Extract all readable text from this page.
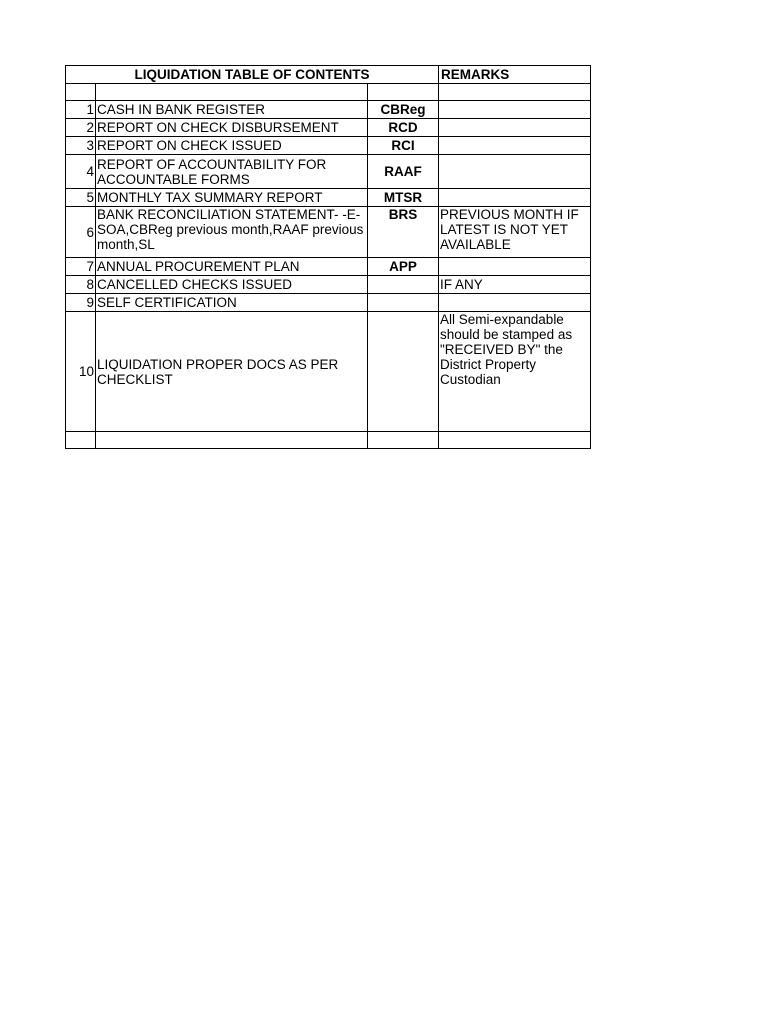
LIQUIDATION TABLE OF CONTENTS			REMARKS

1	CASH IN BANK REGISTER	CBReg	
2	REPORT ON CHECK DISBURSEMENT	RCD	
3	REPORT ON CHECK ISSUED	RCI	
4	REPORT OF ACCOUNTABILITY FOR ACCOUNTABLE FORMS	RAAF	
5	MONTHLY TAX SUMMARY REPORT	MTSR	
6	BANK RECONCILIATION STATEMENT- -E-SOA,CBReg previous month,RAAF previous month,SL	BRS	PREVIOUS MONTH IF LATEST IS NOT YET AVAILABLE
7	ANNUAL PROCUREMENT PLAN	APP	
8	CANCELLED CHECKS ISSUED		IF ANY
9	SELF CERTIFICATION		
10	LIQUIDATION PROPER DOCS AS PER CHECKLIST		All Semi-expandable should be stamped as "RECEIVED BY" the District Property Custodian
